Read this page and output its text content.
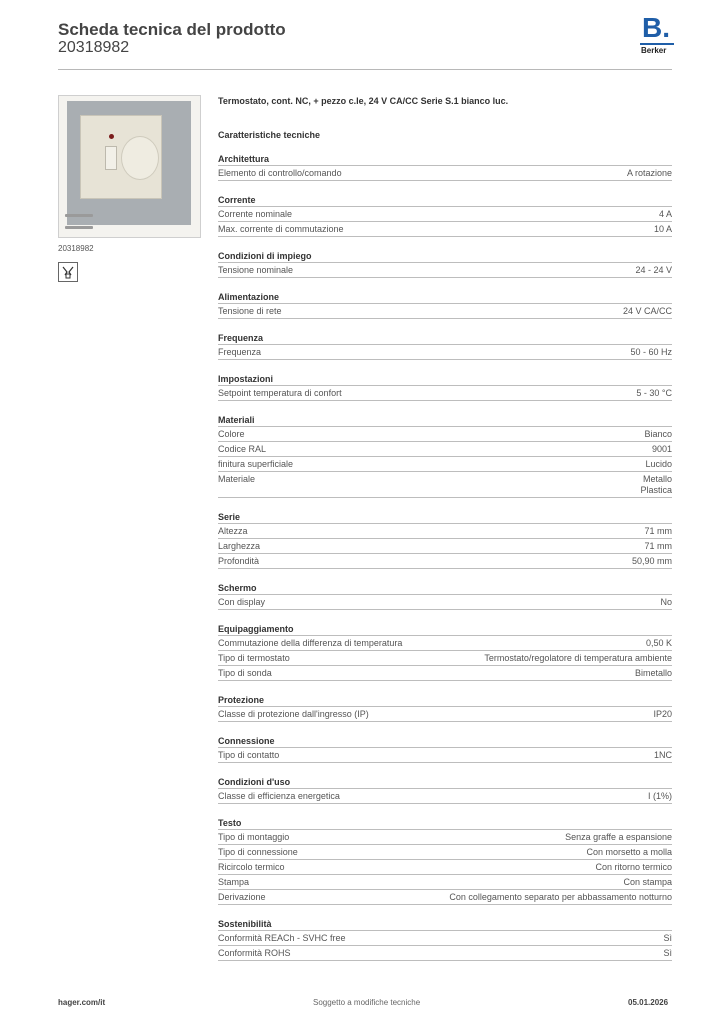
Scheda tecnica del prodotto
20318982
B.
Berker
20318982
Termostato, cont. NC, + pezzo c.le, 24 V CA/CC Serie S.1 bianco luc.
Caratteristiche tecniche
Architettura
Elemento di controllo/comando	A rotazione
Corrente
Corrente nominale	4 A
Max. corrente di commutazione	10 A
Condizioni di impiego
Tensione nominale	24 - 24 V
Alimentazione
Tensione di rete	24 V CA/CC
Frequenza
Frequenza	50 - 60 Hz
Impostazioni
Setpoint temperatura di confort	5 - 30 °C
Materiali
Colore	Bianco
Codice RAL	9001
finitura superficiale	Lucido
Materiale	Metallo
Plastica
Serie
Altezza	71 mm
Larghezza	71 mm
Profondità	50,90 mm
Schermo
Con display	No
Equipaggiamento
Commutazione della differenza di temperatura	0,50 K
Tipo di termostato	Termostato/regolatore di temperatura ambiente
Tipo di sonda	Bimetallo
Protezione
Classe di protezione dall'ingresso (IP)	IP20
Connessione
Tipo di contatto	1NC
Condizioni d'uso
Classe di efficienza energetica	I (1%)
Testo
Tipo di montaggio	Senza graffe a espansione
Tipo di connessione	Con morsetto a molla
Ricircolo termico	Con ritorno termico
Stampa	Con stampa
Derivazione	Con collegamento separato per abbassamento notturno
Sostenibilità
Conformità REACh - SVHC free	Sì
Conformità ROHS	Sì
hager.com/it	Soggetto a modifiche tecniche	05.01.2026
